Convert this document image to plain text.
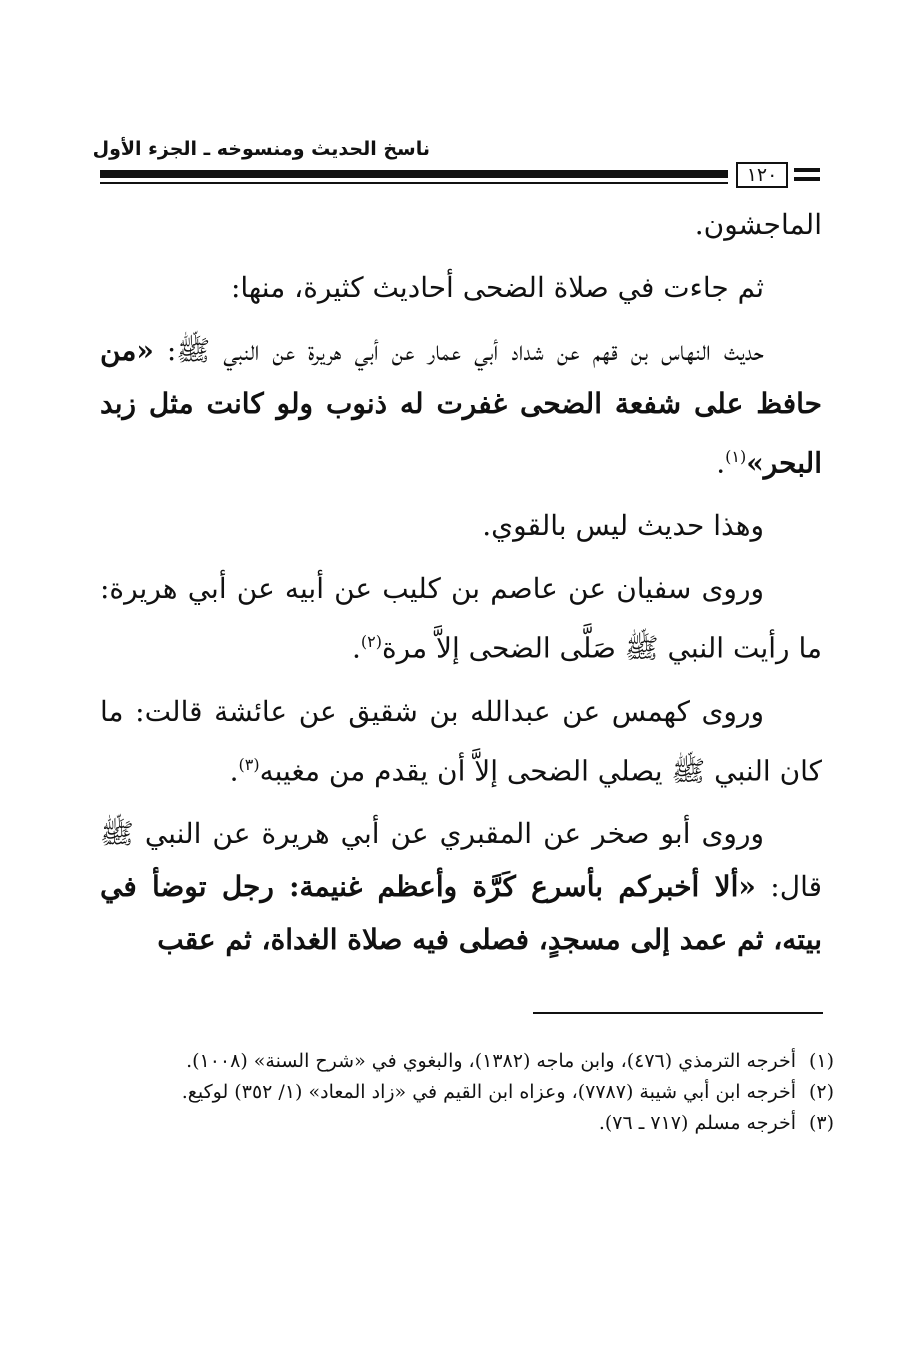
ناسخ الحديث ومنسوخه ـ الجزء الأول
١٢٠

الماجشون.

ثم جاءت في صلاة الضحى أحاديث كثيرة، منها:

حديث النهاس بن قهم عن شداد أبي عمار عن أبي هريرة عن النبي ﷺ: «من حافظ على شفعة الضحى غفرت له ذنوب ولو كانت مثل زبد البحر»$^{(١)}$.

وهذا حديث ليس بالقوي.

وروى سفيان عن عاصم بن كليب عن أبيه عن أبي هريرة: ما رأيت النبي ﷺ صَلَّى الضحى إلاَّ مرة$^{(٢)}$.

وروى كهمس عن عبدالله بن شقيق عن عائشة قالت: ما كان النبي ﷺ يصلي الضحى إلاَّ أن يقدم من مغيبه$^{(٣)}$.

وروى أبو صخر عن المقبري عن أبي هريرة عن النبي ﷺ قال: «ألا أخبركم بأسرع كَرَّة وأعظم غنيمة: رجل توضأ في بيته، ثم عمد إلى مسجدٍ، فصلى فيه صلاة الغداة، ثم عقب

(١)
أخرجه الترمذي (٤٧٦)، وابن ماجه (١٣٨٢)، والبغوي في «شرح السنة» (١٠٠٨).
(٢)
أخرجه ابن أبي شيبة (٧٧٨٧)، وعزاه ابن القيم في «زاد المعاد» (١/ ٣٥٢) لوكيع.
(٣)
أخرجه مسلم (٧١٧ ـ ٧٦).
